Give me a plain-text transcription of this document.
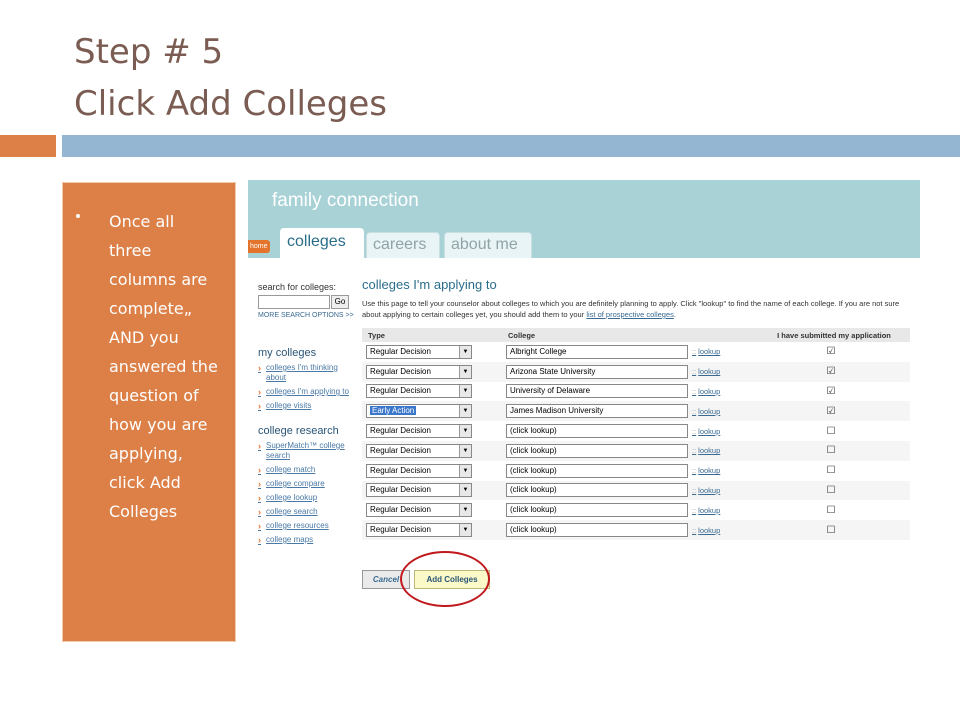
Step # 5
Click Add Colleges

Once all three columns are complete„ AND you answered the question of how you are applying, click Add Colleges

family connection
home	colleges	careers	about me
search for colleges:
Go
MORE SEARCH OPTIONS >>
my colleges
› colleges I'm thinking about
› colleges I'm applying to
› college visits
college research
› SuperMatch™ college search
› college match
› college compare
› college lookup
› college search
› college resources
› college maps
colleges I'm applying to
Use this page to tell your counselor about colleges to which you are definitely planning to apply. Click "lookup" to find the name of each college. If you are not sure about applying to certain colleges yet, you should add them to your list of prospective colleges.
Type	College	I have submitted my application

Regular Decision ▼	Albright College :: lookup	☑

Regular Decision ▼	Arizona State University :: lookup	☑

Regular Decision ▼	University of Delaware :: lookup	☑

Early Action ▼	James Madison University :: lookup	☑

Regular Decision ▼	(click lookup) :: lookup	☐

Regular Decision ▼	(click lookup) :: lookup	☐

Regular Decision ▼	(click lookup) :: lookup	☐

Regular Decision ▼	(click lookup) :: lookup	☐

Regular Decision ▼	(click lookup) :: lookup	☐

Regular Decision ▼	(click lookup) :: lookup	☐
Cancel	Add Colleges
